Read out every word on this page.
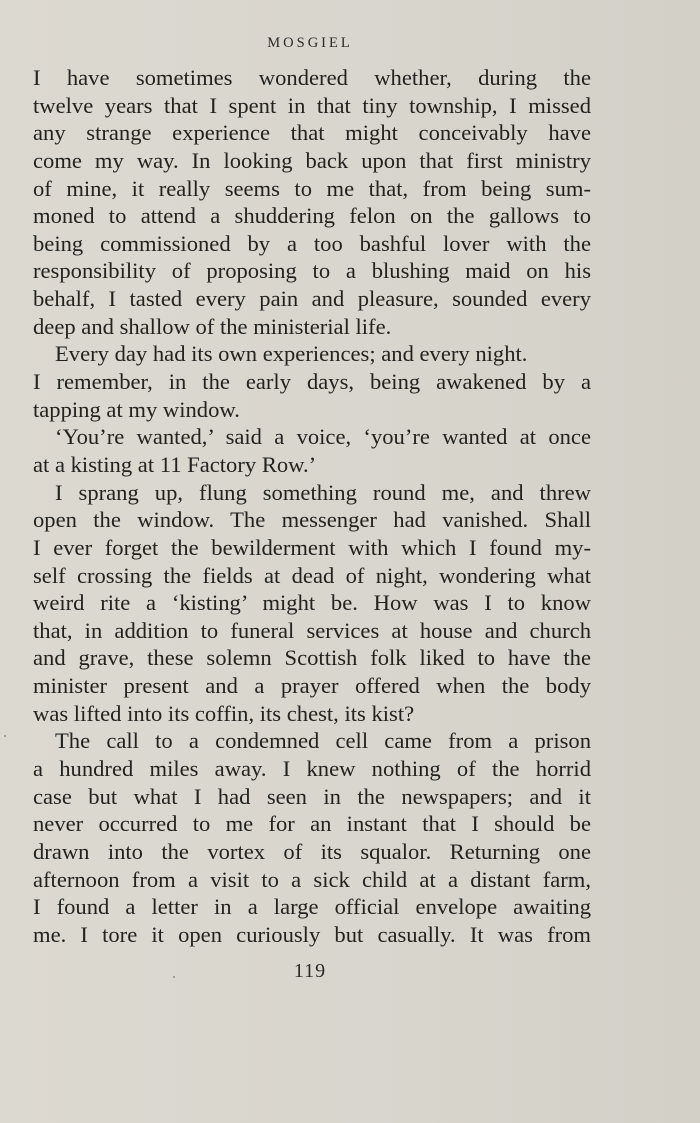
MOSGIEL
I have sometimes wondered whether, during the
twelve years that I spent in that tiny township, I missed
any strange experience that might conceivably have
come my way. In looking back upon that first ministry
of mine, it really seems to me that, from being sum-
moned to attend a shuddering felon on the gallows to
being commissioned by a too bashful lover with the
responsibility of proposing to a blushing maid on his
behalf, I tasted every pain and pleasure, sounded every
deep and shallow of the ministerial life.
Every day had its own experiences; and every night.
I remember, in the early days, being awakened by a
tapping at my window.
‘You’re wanted,’ said a voice, ‘you’re wanted at once
at a kisting at 11 Factory Row.’
I sprang up, flung something round me, and threw
open the window. The messenger had vanished. Shall
I ever forget the bewilderment with which I found my-
self crossing the fields at dead of night, wondering what
weird rite a ‘kisting’ might be. How was I to know
that, in addition to funeral services at house and church
and grave, these solemn Scottish folk liked to have the
minister present and a prayer offered when the body
was lifted into its coffin, its chest, its kist?
The call to a condemned cell came from a prison
a hundred miles away. I knew nothing of the horrid
case but what I had seen in the newspapers; and it
never occurred to me for an instant that I should be
drawn into the vortex of its squalor. Returning one
afternoon from a visit to a sick child at a distant farm,
I found a letter in a large official envelope awaiting
me. I tore it open curiously but casually. It was from
119
